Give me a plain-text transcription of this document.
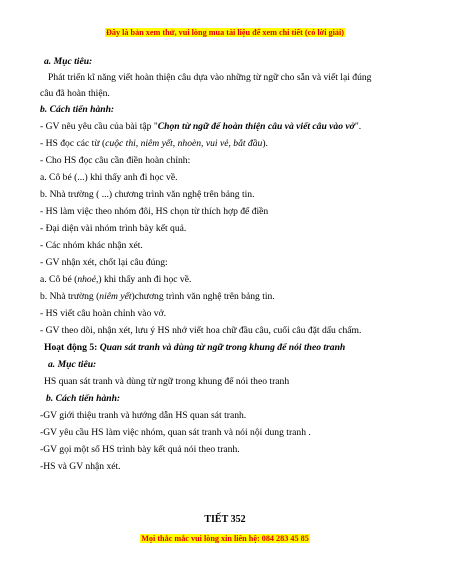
Đây là bản xem thử, vui lòng mua tài liệu để xem chi tiết (có lời giải)
a. Mục tiêu:
Phát triển kĩ năng viết hoàn thiện câu dựa vào những từ ngữ cho sẵn và viết lại đúng
câu đã hoàn thiện.
b. Cách tiến hành:
- GV nêu yêu cầu của bài tập "Chọn từ ngữ để hoàn thiện câu và viết câu vào vở".
- HS đọc các từ (cuộc thi, niêm yết, nhoèn, vui vẻ, bắt đầu).
- Cho HS đọc câu cần điền hoàn chỉnh:
a. Cô bé (...) khi thấy anh đi học về.
b. Nhà trường ( ...) chương trình văn nghệ trên bảng tin.
- HS làm việc theo nhóm đôi, HS chọn từ thích hợp để điền
- Đại diện vài nhóm trình bày kết quả.
- Các nhóm khác nhận xét.
- GV nhận xét, chốt lại câu đúng:
a. Cô bé (nhoẻ,) khi thấy anh đi học về.
b. Nhà trường (niêm yết)chương trình văn nghệ trên bảng tin.
- HS viết câu hoàn chỉnh vào vở.
- GV theo dõi, nhận xét, lưu ý HS nhớ viết hoa chữ đầu câu, cuối câu đặt dấu chấm.
Hoạt động 5: Quan sát tranh và dùng từ ngữ trong khung để nói theo tranh
a. Mục tiêu:
HS quan sát tranh và dùng từ ngữ trong khung để nói theo tranh
b. Cách tiến hành:
-GV giới thiệu tranh và hướng dẫn HS quan sát tranh.
-GV yêu cầu HS làm việc nhóm, quan sát tranh và nói nội dung tranh .
-GV gọi một số HS trình bày kết quả nói theo tranh.
-HS và GV nhận xét.
TIẾT 352
Mọi thắc mắc vui lòng xin liên hệ: 084 283 45 85
